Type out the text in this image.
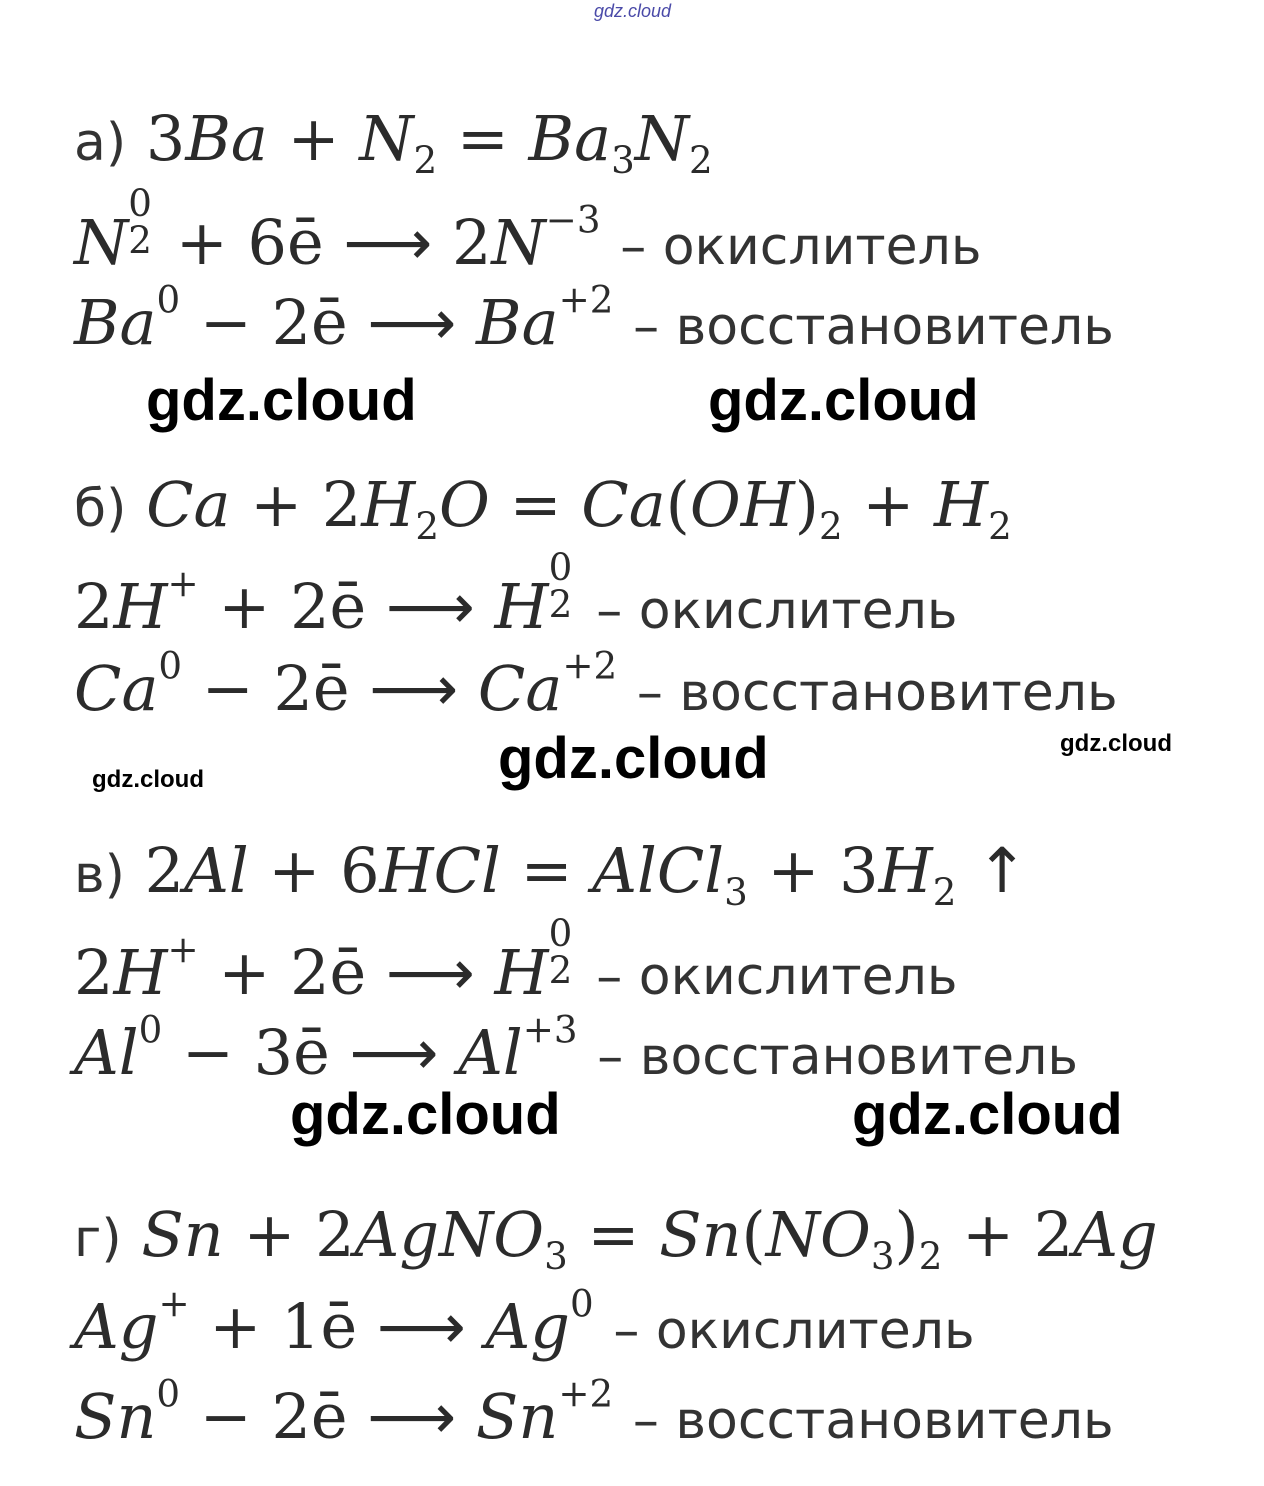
gdz.cloud
а) $3Ba + N_2 = Ba_3N_2$
N
0
2 + 6ē ⟶ $2N^{-3}$ – окислитель
$Ba^0$ − 2ē ⟶ $Ba^{+2}$ – восстановитель
gdz.cloud	gdz.cloud
б) $Ca + 2H_2O = Ca(OH)_2 + H_2$
2H+ + 2ē ⟶ H
0
2 – окислитель
$Ca^0$ − 2ē ⟶ $Ca^{+2}$ – восстановитель
gdz.cloud
gdz.cloud
gdz.cloud
в) 2Al + 6HCl = AlCl$_3$ + $3H_2$ ↑
2H+ + 2ē ⟶ H
0
2 – окислитель
$Al^0$ − 3ē ⟶ $Al^{+3}$ – восстановитель
gdz.cloud	gdz.cloud
г) Sn + 2AgNO$_3$ = $Sn(NO_3)_2 + 2Ag$
Ag+ + 1ē ⟶ Ag$^0$ – окислитель
$Sn^0$ − 2ē ⟶ $Sn^{+2}$ – восстановитель
